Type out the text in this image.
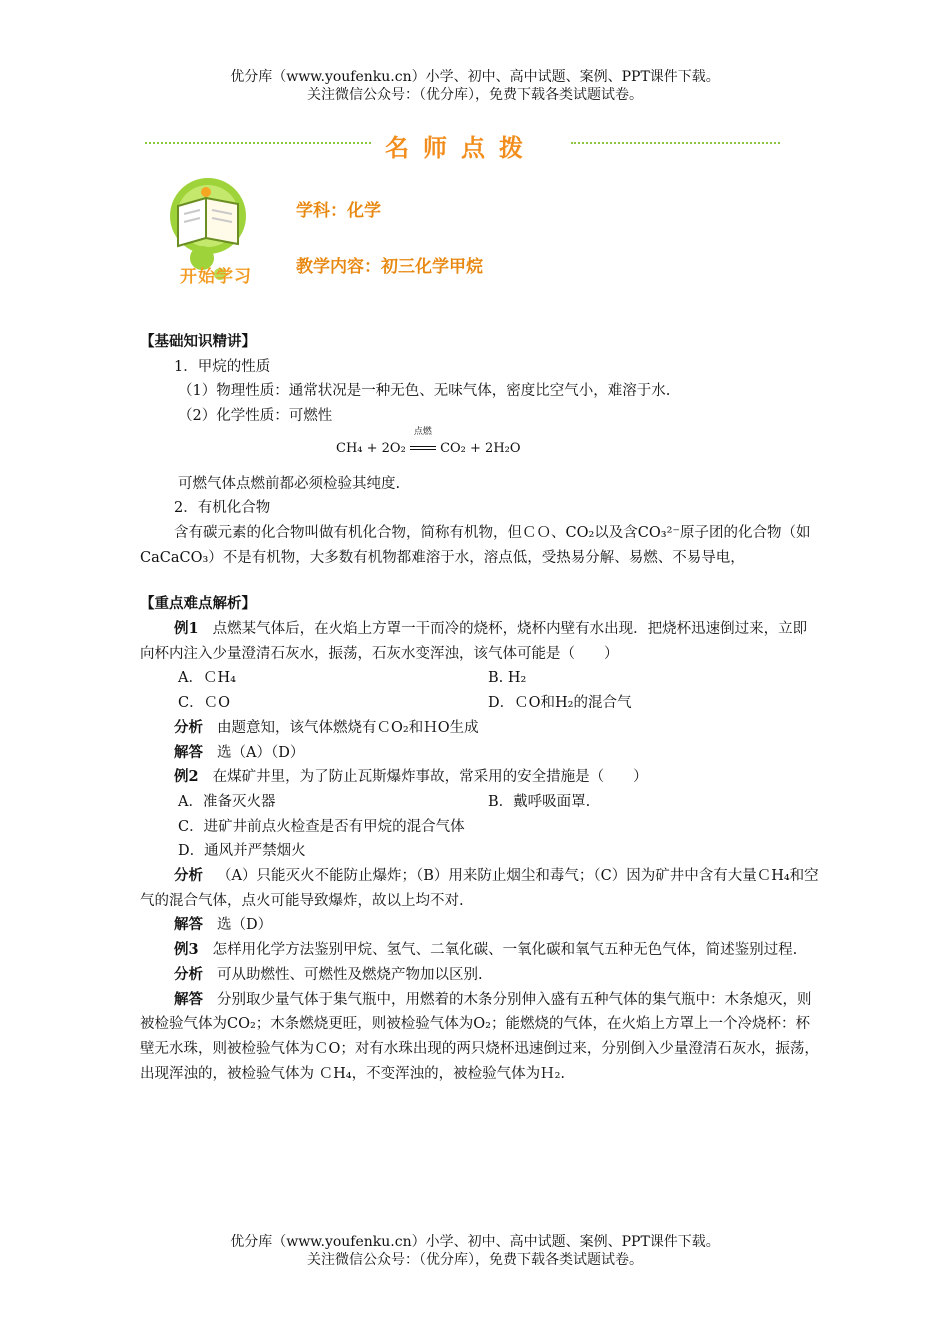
优分库（www.youfenku.cn）小学、初中、高中试题、案例、PPT课件下载。
关注微信公众号：（优分库），免费下载各类试题试卷。
名师点拨
开始学习
学科：化学
教学内容：初三化学甲烷

【基础知识精讲】

1．甲烷的性质

（1）物理性质：通常状况是一种无色、无味气体，密度比空气小，难溶于水.

（2）化学性质：可燃性

CH₄ + 2O₂
点燃
CO₂ + 2H₂O

可燃气体点燃前都必须检验其纯度.

2．有机化合物

含有碳元素的化合物叫做有机化合物，简称有机物，但ＣＯ、CO₂以及含CO₃²⁻原子团的化合物（如CaCaCO₃）不是有机物，大多数有机物都难溶于水，溶点低，受热易分解、易燃、不易导电，

【重点难点解析】

例1 点燃某气体后，在火焰上方罩一干而冷的烧杯，烧杯内壁有水出现．把烧杯迅速倒过来，立即向杯内注入少量澄清石灰水，振荡，石灰水变浑浊，该气体可能是（　　）

A．ＣH₄	B. H₂

C．ＣO	D．ＣO和H₂的混合气

分析 由题意知，该气体燃烧有ＣO₂和ＨO生成

解答 选（A）（D）

例2 在煤矿井里，为了防止瓦斯爆炸事故，常采用的安全措施是（　　）

A．准备灭火器	B．戴呼吸面罩.

C．进矿井前点火检查是否有甲烷的混合气体

D．通风并严禁烟火

分析 （A）只能灭火不能防止爆炸；（B）用来防止烟尘和毒气；（C）因为矿井中含有大量ＣH₄和空气的混合气体，点火可能导致爆炸，故以上均不对.

解答 选（D）

例3 怎样用化学方法鉴别甲烷、氢气、二氧化碳、一氧化碳和氧气五种无色气体，简述鉴别过程.

分析 可从助燃性、可燃性及燃烧产物加以区别.

解答 分别取少量气体于集气瓶中，用燃着的木条分别伸入盛有五种气体的集气瓶中：木条熄灭，则被检验气体为CO₂；木条燃烧更旺，则被检验气体为O₂；能燃烧的气体，在火焰上方罩上一个冷烧杯：杯壁无水珠，则被检验气体为ＣO；对有水珠出现的两只烧杯迅速倒过来，分别倒入少量澄清石灰水，振荡，出现浑浊的，被检验气体为 ＣH₄，不变浑浊的，被检验气体为Ｈ₂.

优分库（www.youfenku.cn）小学、初中、高中试题、案例、PPT课件下载。
关注微信公众号：（优分库），免费下载各类试题试卷。
